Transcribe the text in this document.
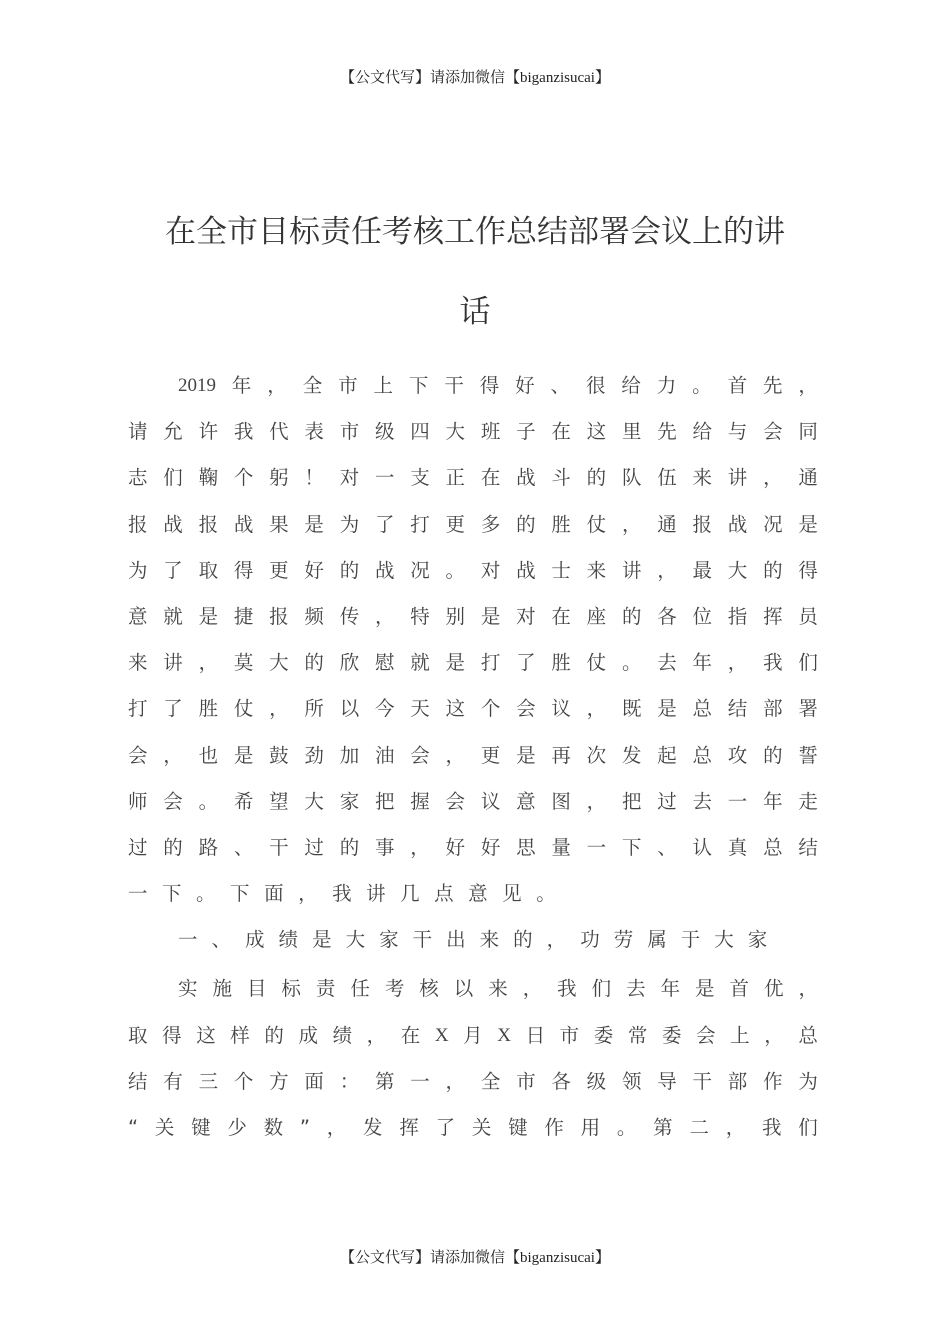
【公文代写】请添加微信【biganzisucai】
在全市目标责任考核工作总结部署会议上的讲
话
2019 年 ， 全 市 上 下 干 得 好 、 很 给 力 。 首 先 ，
请 允 许 我 代 表 市 级 四 大 班 子 在 这 里 先 给 与 会 同
志 们 鞠 个 躬 ！ 对 一 支 正 在 战 斗 的 队 伍 来 讲 ， 通
报 战 报 战 果 是 为 了 打 更 多 的 胜 仗 ， 通 报 战 况 是
为 了 取 得 更 好 的 战 况 。 对 战 士 来 讲 ， 最 大 的 得
意 就 是 捷 报 频 传 ， 特 别 是 对 在 座 的 各 位 指 挥 员
来 讲 ， 莫 大 的 欣 慰 就 是 打 了 胜 仗 。 去 年 ， 我 们
打 了 胜 仗 ， 所 以 今 天 这 个 会 议 ， 既 是 总 结 部 署
会 ， 也 是 鼓 劲 加 油 会 ， 更 是 再 次 发 起 总 攻 的 誓
师 会 。 希 望 大 家 把 握 会 议 意 图 ， 把 过 去 一 年 走
过 的 路 、 干 过 的 事 ， 好 好 思 量 一 下 、 认 真 总 结
一 下 。 下 面 ， 我 讲 几 点 意 见 。
一 、 成 绩 是 大 家 干 出 来 的 ， 功 劳 属 于 大 家
实 施 目 标 责 任 考 核 以 来 ， 我 们 去 年 是 首 优 ，
取 得 这 样 的 成 绩 ， 在 X 月 X 日 市 委 常 委 会 上 ， 总
结 有 三 个 方 面 ： 第 一 ， 全 市 各 级 领 导 干 部 作 为
“ 关 键 少 数 ” ， 发 挥 了 关 键 作 用 。 第 二 ， 我 们
【公文代写】请添加微信【biganzisucai】
